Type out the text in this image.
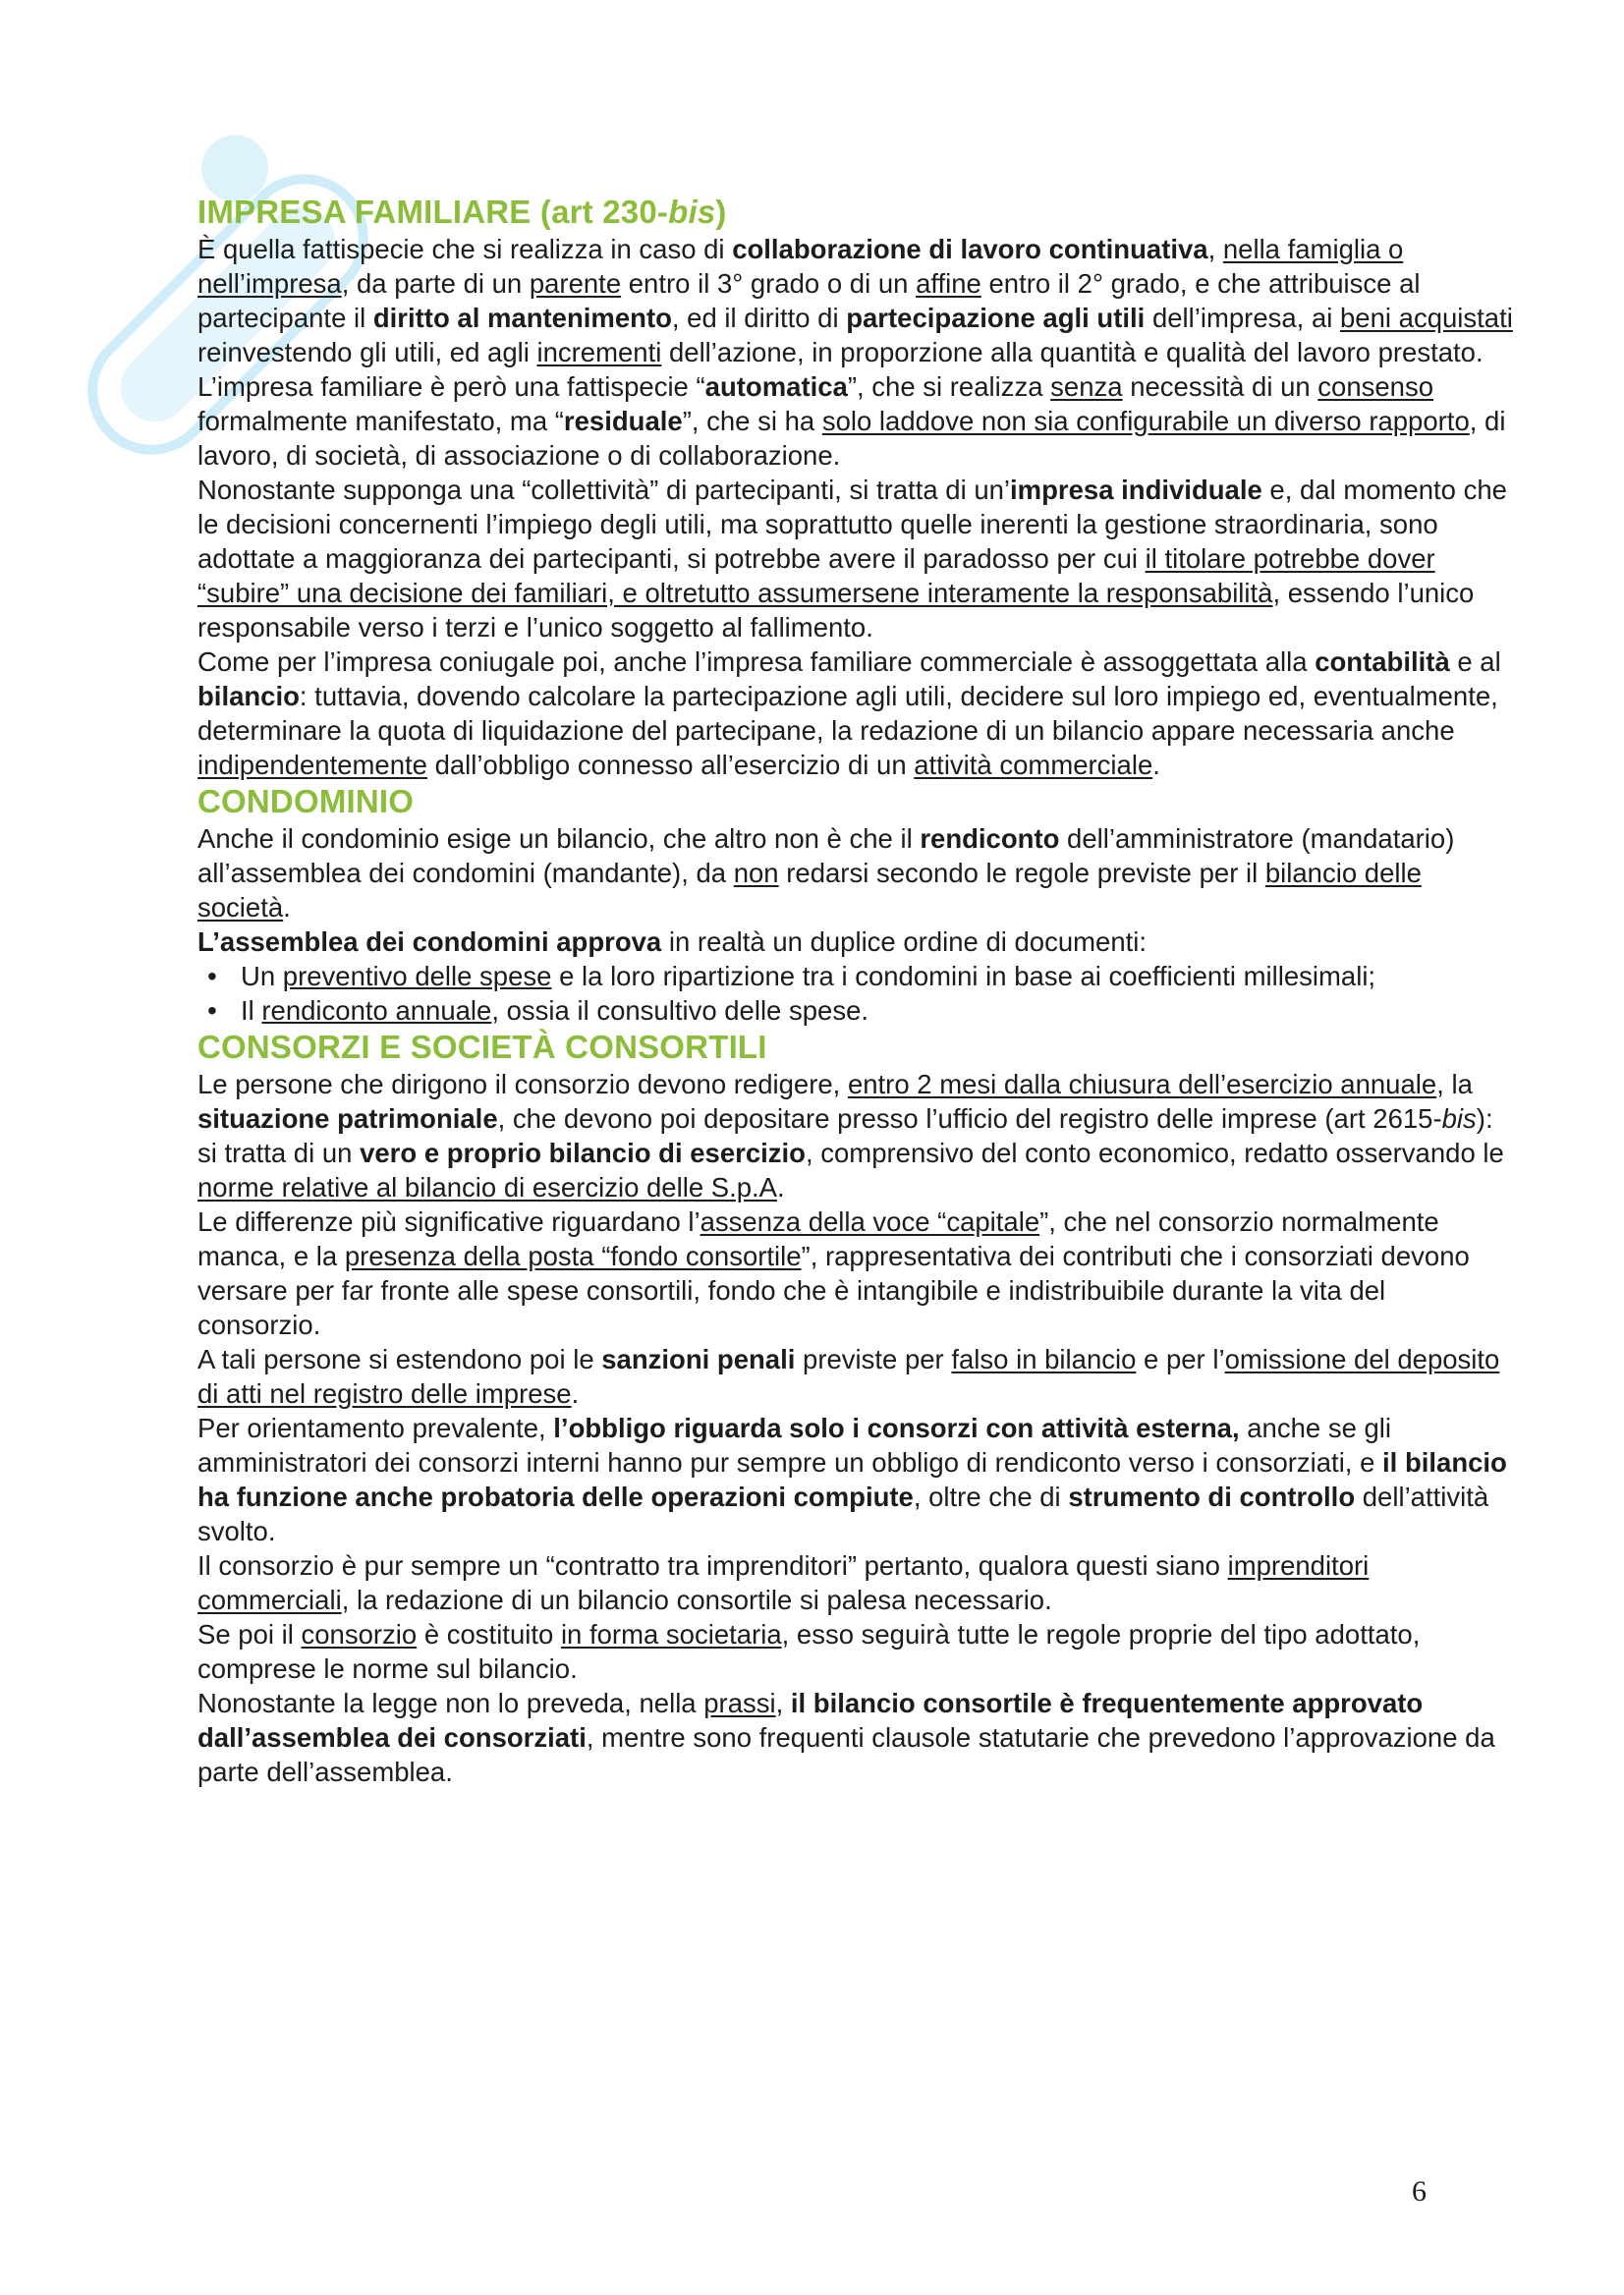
IMPRESA FAMILIARE (art 230-bis)

È quella fattispecie che si realizza in caso di collaborazione di lavoro continuativa, nella famiglia o nell’impresa, da parte di un parente entro il 3° grado o di un affine entro il 2° grado, e che attribuisce al partecipante il diritto al mantenimento, ed il diritto di partecipazione agli utili dell’impresa, ai beni acquistati reinvestendo gli utili, ed agli incrementi dell’azione, in proporzione alla quantità e qualità del lavoro prestato.

L’impresa familiare è però una fattispecie “automatica”, che si realizza senza necessità di un consenso formalmente manifestato, ma “residuale”, che si ha solo laddove non sia configurabile un diverso rapporto, di lavoro, di società, di associazione o di collaborazione.

Nonostante supponga una “collettività” di partecipanti, si tratta di un’impresa individuale e, dal momento che le decisioni concernenti l’impiego degli utili, ma soprattutto quelle inerenti la gestione straordinaria, sono adottate a maggioranza dei partecipanti, si potrebbe avere il paradosso per cui il titolare potrebbe dover “subire” una decisione dei familiari, e oltretutto assumersene interamente la responsabilità, essendo l’unico responsabile verso i terzi e l’unico soggetto al fallimento.

Come per l’impresa coniugale poi, anche l’impresa familiare commerciale è assoggettata alla contabilità e al bilancio: tuttavia, dovendo calcolare la partecipazione agli utili, decidere sul loro impiego ed, eventualmente, determinare la quota di liquidazione del partecipane, la redazione di un bilancio appare necessaria anche indipendentemente dall’obbligo connesso all’esercizio di un attività commerciale.

CONDOMINIO

Anche il condominio esige un bilancio, che altro non è che il rendiconto dell’amministratore (mandatario) all’assemblea dei condomini (mandante), da non redarsi secondo le regole previste per il bilancio delle società.

L’assemblea dei condomini approva in realtà un duplice ordine di documenti:

• Un preventivo delle spese e la loro ripartizione tra i condomini in base ai coefficienti millesimali;
• Il rendiconto annuale, ossia il consultivo delle spese.
CONSORZI E SOCIETÀ CONSORTILI

Le persone che dirigono il consorzio devono redigere, entro 2 mesi dalla chiusura dell’esercizio annuale, la situazione patrimoniale, che devono poi depositare presso l’ufficio del registro delle imprese (art 2615-bis): si tratta di un vero e proprio bilancio di esercizio, comprensivo del conto economico, redatto osservando le norme relative al bilancio di esercizio delle S.p.A.

Le differenze più significative riguardano l’assenza della voce “capitale”, che nel consorzio normalmente manca, e la presenza della posta “fondo consortile”, rappresentativa dei contributi che i consorziati devono versare per far fronte alle spese consortili, fondo che è intangibile e indistribuibile durante la vita del consorzio.

A tali persone si estendono poi le sanzioni penali previste per falso in bilancio e per l’omissione del deposito di atti nel registro delle imprese.

Per orientamento prevalente, l’obbligo riguarda solo i consorzi con attività esterna, anche se gli amministratori dei consorzi interni hanno pur sempre un obbligo di rendiconto verso i consorziati, e il bilancio ha funzione anche probatoria delle operazioni compiute, oltre che di strumento di controllo dell’attività svolto.

Il consorzio è pur sempre un “contratto tra imprenditori” pertanto, qualora questi siano imprenditori commerciali, la redazione di un bilancio consortile si palesa necessario.

Se poi il consorzio è costituito in forma societaria, esso seguirà tutte le regole proprie del tipo adottato, comprese le norme sul bilancio.

Nonostante la legge non lo preveda, nella prassi, il bilancio consortile è frequentemente approvato dall’assemblea dei consorziati, mentre sono frequenti clausole statutarie che prevedono l’approvazione da parte dell’assemblea.

6
